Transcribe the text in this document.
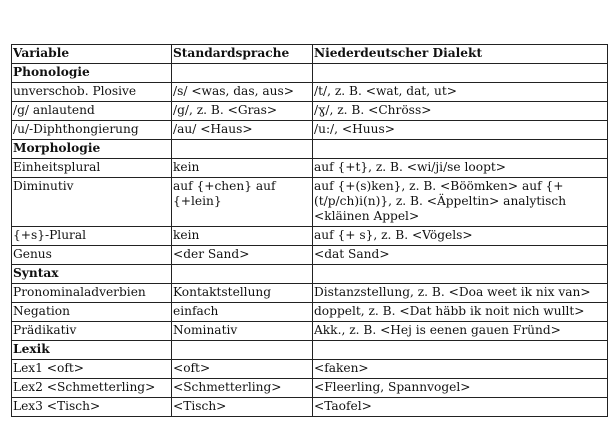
Variable	Standardsprache	Niederdeutscher Dialekt
Phonologie		
unverschob. Plosive	/s/ <was, das, aus>	/t/, z. B. <wat, dat, ut>
/g/ anlautend	/g/, z. B. <Gras>	/ɣ/, z. B. <Chröss>
/u/-Diphthongierung	/au/ <Haus>	/u:/, <Huus>
Morphologie		
Einheitsplural	kein	auf {+t}, z. B. <wi/ji/se loopt>
Diminutiv	auf {+chen} auf {+lein}	auf {+(s)ken}, z. B. <Böömken> auf {+(t/p/ch)i(n)}, z. B. <Äppeltin> analytisch <kläinen Appel>
{+s}-Plural	kein	auf {+ s}, z. B. <Vögels>
Genus	<der Sand>	<dat Sand>
Syntax		
Pronominaladverbien	Kontaktstellung	Distanzstellung, z. B. <Doa weet ik nix van>
Negation	einfach	doppelt, z. B. <Dat häbb ik noit nich wullt>
Prädikativ	Nominativ	Akk., z. B. <Hej is eenen gauen Fründ>
Lexik		
Lex1 <oft>	<oft>	<faken>
Lex2 <Schmetterling>	<Schmetterling>	<Fleerling, Spannvogel>
Lex3 <Tisch>	<Tisch>	<Taofel>
